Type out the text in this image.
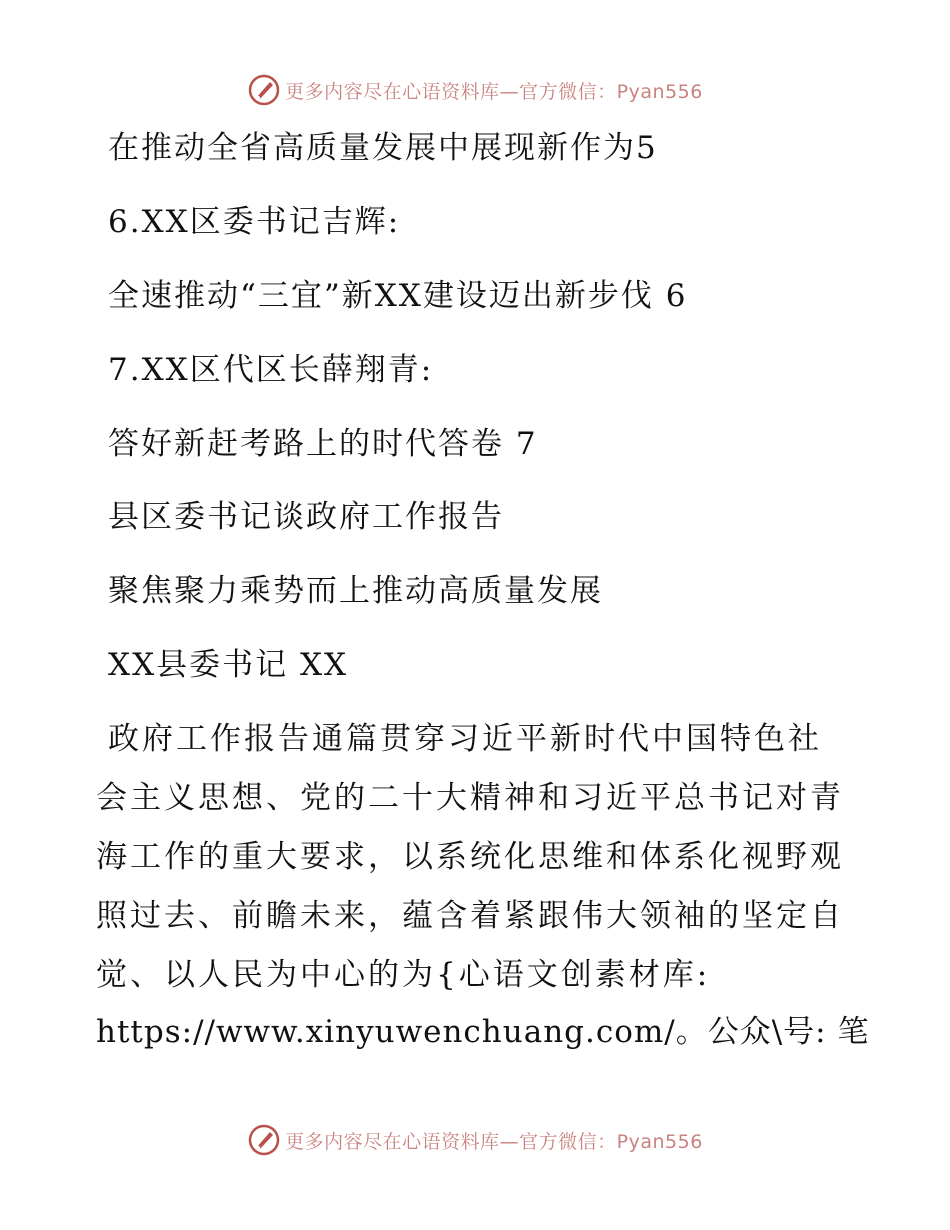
更多内容尽在心语资料库—官方微信：Pyan556
在推动全省高质量发展中展现新作为5
6.XX区委书记吉辉:
全速推动“三宜”新XX建设迈出新步伐 6
7.XX区代区长薛翔青:
答好新赶考路上的时代答卷 7
县区委书记谈政府工作报告
聚焦聚力乘势而上推动高质量发展
XX县委书记 XX
政府工作报告通篇贯穿习近平新时代中国特色社
会主义思想、党的二十大精神和习近平总书记对青
海工作的重大要求，以系统化思维和体系化视野观
照过去、前瞻未来，蕴含着紧跟伟大领袖的坚定自
觉、以人民为中心的为{心语文创素材库:
https://www.xinyuwenchuang.com/。公众\号: 笔
更多内容尽在心语资料库—官方微信：Pyan556
